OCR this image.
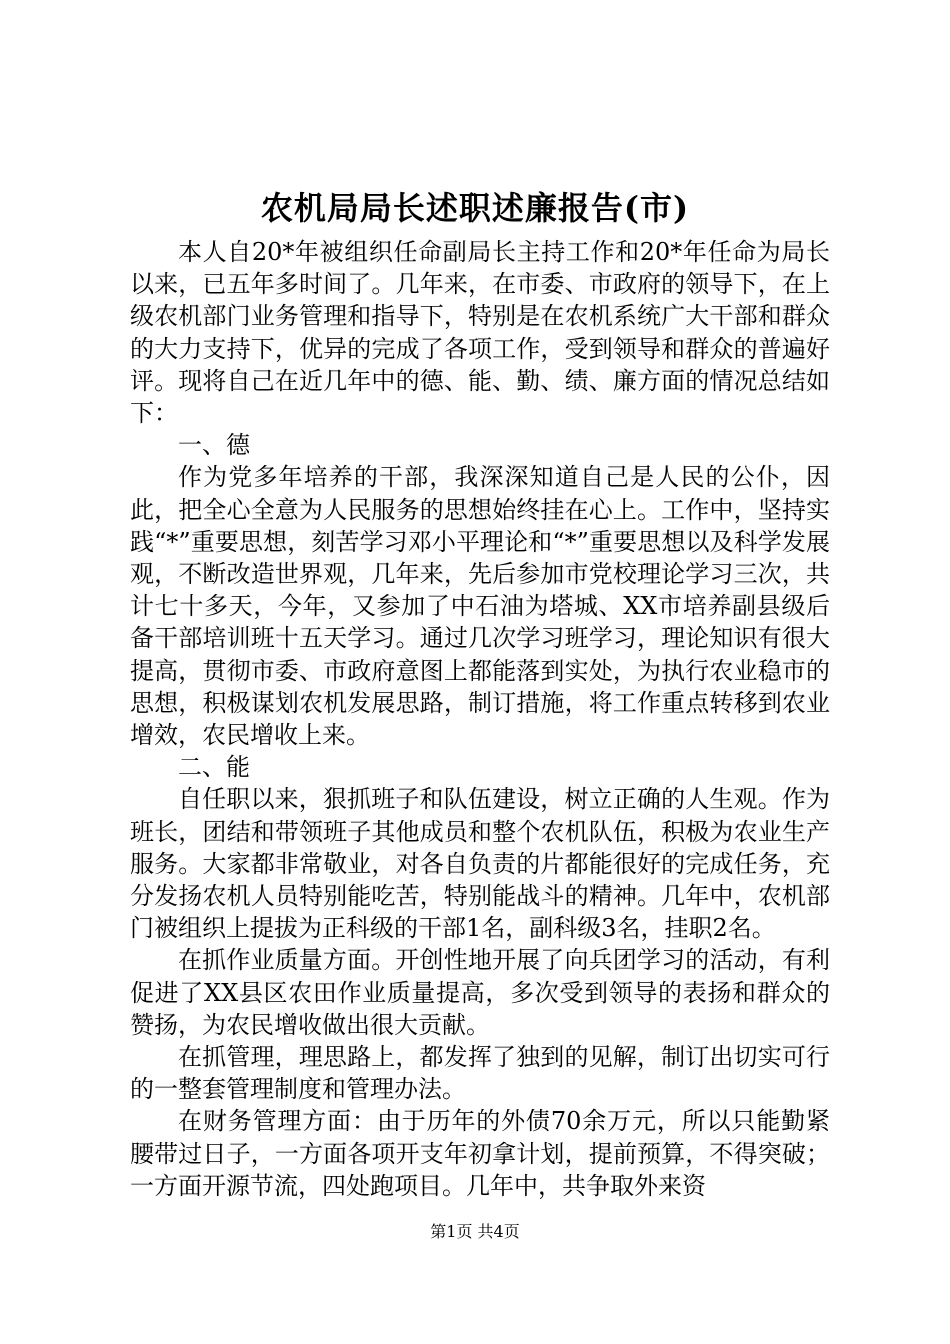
农机局局长述职述廉报告(市)

本人自20*年被组织任命副局长主持工作和20*年任命为局长以来，已五年多时间了。几年来，在市委、市政府的领导下，在上级农机部门业务管理和指导下，特别是在农机系统广大干部和群众的大力支持下，优异的完成了各项工作，受到领导和群众的普遍好评。现将自己在近几年中的德、能、勤、绩、廉方面的情况总结如下：

一、德

作为党多年培养的干部，我深深知道自己是人民的公仆，因此，把全心全意为人民服务的思想始终挂在心上。工作中，坚持实践“*”重要思想，刻苦学习邓小平理论和“*”重要思想以及科学发展观，不断改造世界观，几年来，先后参加市党校理论学习三次，共计七十多天，今年，又参加了中石油为塔城、XX市培养副县级后备干部培训班十五天学习。通过几次学习班学习，理论知识有很大提高，贯彻市委、市政府意图上都能落到实处，为执行农业稳市的思想，积极谋划农机发展思路，制订措施，将工作重点转移到农业增效，农民增收上来。

二、能

自任职以来，狠抓班子和队伍建设，树立正确的人生观。作为班长，团结和带领班子其他成员和整个农机队伍，积极为农业生产服务。大家都非常敬业，对各自负责的片都能很好的完成任务，充分发扬农机人员特别能吃苦，特别能战斗的精神。几年中，农机部门被组织上提拔为正科级的干部1名，副科级3名，挂职2名。

在抓作业质量方面。开创性地开展了向兵团学习的活动，有利促进了XX县区农田作业质量提高，多次受到领导的表扬和群众的赞扬，为农民增收做出很大贡献。

在抓管理，理思路上，都发挥了独到的见解，制订出切实可行的一整套管理制度和管理办法。

在财务管理方面：由于历年的外债70余万元，所以只能勤紧腰带过日子，一方面各项开支年初拿计划，提前预算，不得突破；一方面开源节流，四处跑项目。几年中，共争取外来资

第1页 共4页
